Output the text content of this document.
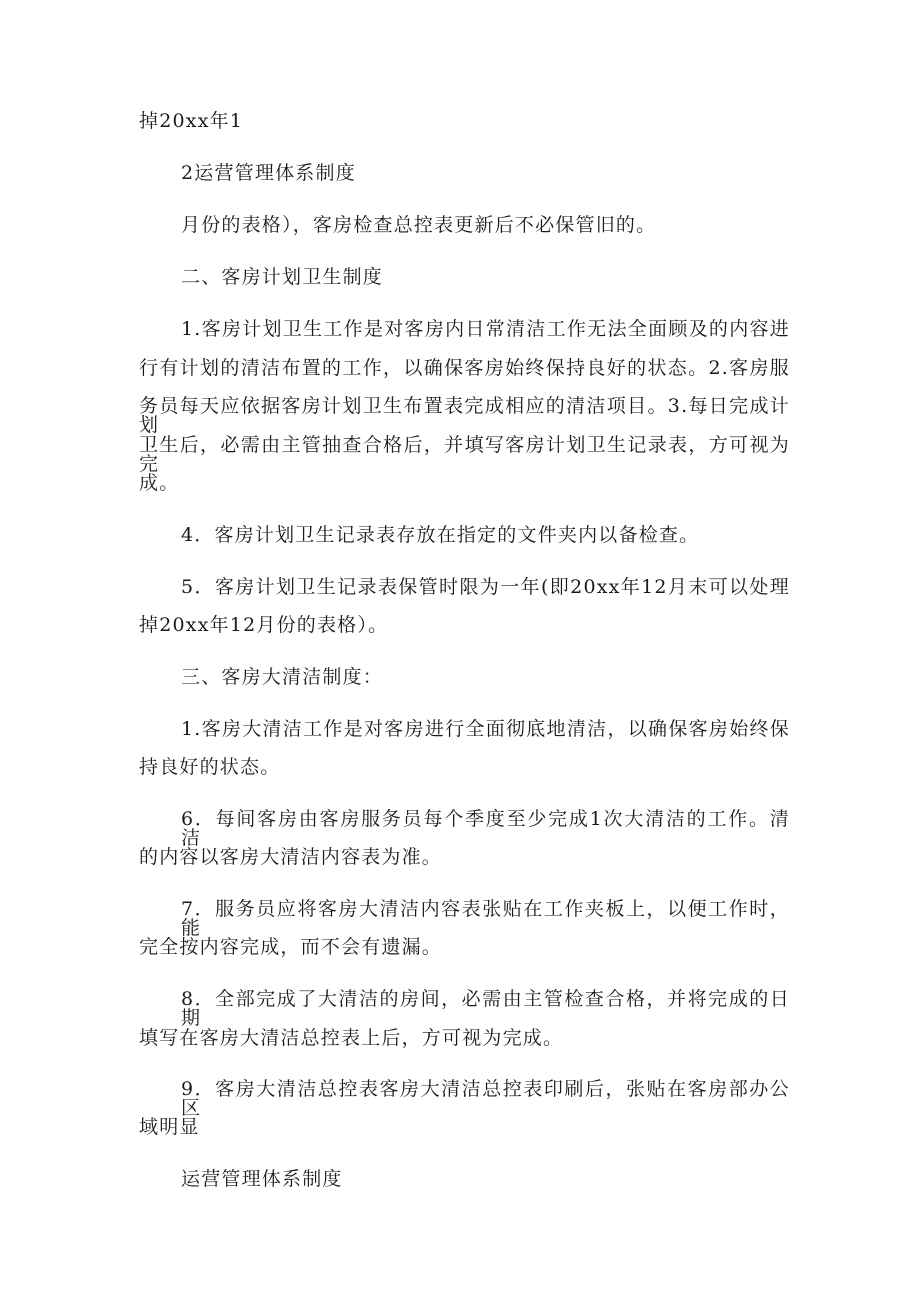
掉20xx年1

2运营管理体系制度

月份的表格），客房检查总控表更新后不必保管旧的。

二、客房计划卫生制度

1.客房计划卫生工作是对客房内日常清洁工作无法全面顾及的内容进

行有计划的清洁布置的工作，以确保客房始终保持良好的状态。2.客房服

务员每天应依据客房计划卫生布置表完成相应的清洁项目。3.每日完成计划

卫生后，必需由主管抽查合格后，并填写客房计划卫生记录表，方可视为完

成。

4．客房计划卫生记录表存放在指定的文件夹内以备检查。

5．客房计划卫生记录表保管时限为一年(即20xx年12月末可以处理

掉20xx年12月份的表格）。

三、客房大清洁制度：

1.客房大清洁工作是对客房进行全面彻底地清洁，以确保客房始终保

持良好的状态。

6．每间客房由客房服务员每个季度至少完成1次大清洁的工作。清洁

的内容以客房大清洁内容表为准。

7．服务员应将客房大清洁内容表张贴在工作夹板上，以便工作时，能

完全按内容完成，而不会有遗漏。

8．全部完成了大清洁的房间，必需由主管检查合格，并将完成的日期

填写在客房大清洁总控表上后，方可视为完成。

9．客房大清洁总控表客房大清洁总控表印刷后，张贴在客房部办公区

域明显

运营管理体系制度
